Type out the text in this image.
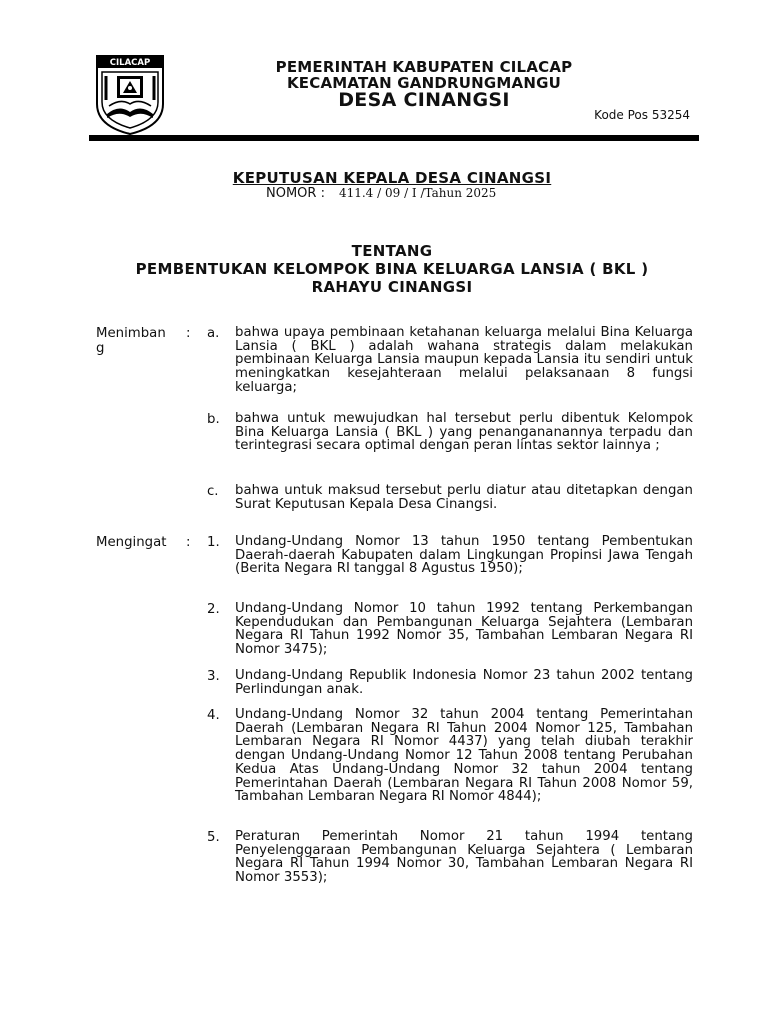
CILACAP	PEMERINTAH KABUPATEN CILACAP
KECAMATAN GANDRUNGMANGU
DESA CINANGSI
Kode Pos 53254
KEPUTUSAN KEPALA DESA CINANGSI
NOMOR : 411.4 / 09 / I /Tahun 2025
TENTANG
PEMBENTUKAN KELOMPOK BINA KELUARGA LANSIA ( BKL )
RAHAYU CINANGSI
Menimbang
: a. bahwa upaya pembinaan ketahanan keluarga melalui Bina Keluarga Lansia ( BKL ) adalah wahana strategis dalam melakukan pembinaan Keluarga Lansia maupun kepada Lansia itu sendiri untuk meningkatkan kesejahteraan melalui pelaksanaan 8 fungsi keluarga;
b. bahwa untuk mewujudkan hal tersebut perlu dibentuk Kelompok Bina Keluarga Lansia ( BKL ) yang penangananannya terpadu dan terintegrasi secara optimal dengan peran lintas sektor lainnya ;
c. bahwa untuk maksud tersebut perlu diatur atau ditetapkan dengan Surat Keputusan Kepala Desa Cinangsi.
Mengingat	: 1. Undang-Undang Nomor 13 tahun 1950 tentang Pembentukan Daerah-daerah Kabupaten dalam Lingkungan Propinsi Jawa Tengah (Berita Negara RI tanggal 8 Agustus 1950);
2. Undang-Undang Nomor 10 tahun 1992 tentang Perkembangan Kependudukan dan Pembangunan Keluarga Sejahtera (Lembaran Negara RI Tahun 1992 Nomor 35, Tambahan Lembaran Negara RI Nomor 3475);
3. Undang-Undang Republik Indonesia Nomor 23 tahun 2002 tentang Perlindungan anak.
4. Undang-Undang Nomor 32 tahun 2004 tentang Pemerintahan Daerah (Lembaran Negara RI Tahun 2004 Nomor 125, Tambahan Lembaran Negara RI Nomor 4437) yang telah diubah terakhir dengan Undang-Undang Nomor 12 Tahun 2008 tentang Perubahan Kedua Atas Undang-Undang Nomor 32 tahun 2004 tentang Pemerintahan Daerah (Lembaran Negara RI Tahun 2008 Nomor 59, Tambahan Lembaran Negara RI Nomor 4844);
5. Peraturan Pemerintah Nomor 21 tahun 1994 tentang Penyelenggaraan Pembangunan Keluarga Sejahtera ( Lembaran Negara RI Tahun 1994 Nomor 30, Tambahan Lembaran Negara RI Nomor 3553);
